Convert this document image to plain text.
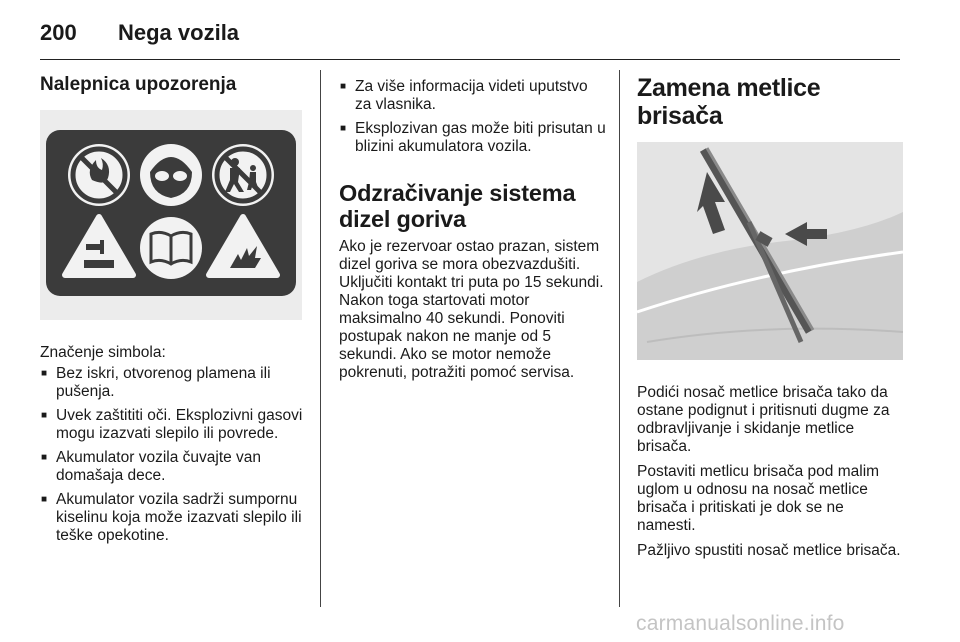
200	Nega vozila
Nalepnica upozorenja
Značenje simbola:
■ Bez iskri, otvorenog plamena ili pušenja.
■ Uvek zaštititi oči. Eksplozivni gasovi mogu izazvati slepilo ili povrede.
■ Akumulator vozila čuvajte van domašaja dece.
■ Akumulator vozila sadrži sumpornu kiselinu koja može izazvati slepilo ili teške opekotine.
■ Za više informacija videti uputstvo za vlasnika.
■ Eksplozivan gas može biti prisutan u blizini akumulatora vozila.
Odzračivanje sistema dizel goriva
Ako je rezervoar ostao prazan, sistem dizel goriva se mora obezvazdušiti. Uključiti kontakt tri puta po 15 sekundi. Nakon toga startovati motor maksimalno 40 sekundi. Ponoviti postupak nakon ne manje od 5 sekundi. Ako se motor nemože pokrenuti, potražiti pomoć servisa.
Zamena metlice brisača
Podići nosač metlice brisača tako da ostane podignut i pritisnuti dugme za odbravljivanje i skidanje metlice brisača.
Postaviti metlicu brisača pod malim uglom u odnosu na nosač metlice brisača i pritiskati je dok se ne namesti.
Pažljivo spustiti nosač metlice brisača.
carmanualsonline.info
